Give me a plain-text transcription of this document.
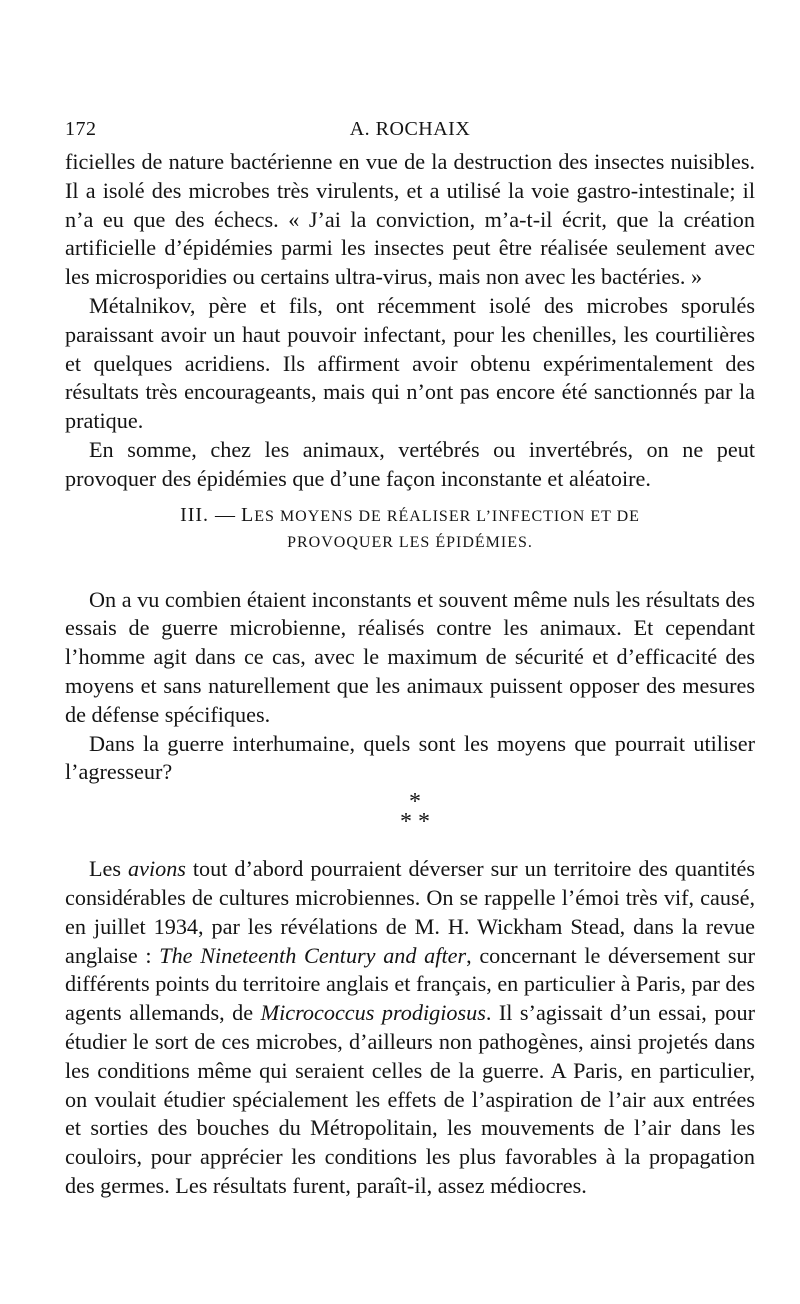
172	A. ROCHAIX

ficielles de nature bactérienne en vue de la destruction des insectes nuisibles. Il a isolé des microbes très virulents, et a utilisé la voie gastro-intestinale; il n’a eu que des échecs. « J’ai la conviction, m’a-t-il écrit, que la création artificielle d’épidémies parmi les insectes peut être réalisée seulement avec les microsporidies ou certains ultra-virus, mais non avec les bactéries. »

Métalnikov, père et fils, ont récemment isolé des microbes sporulés paraissant avoir un haut pouvoir infectant, pour les chenilles, les courtilières et quelques acridiens. Ils affirment avoir obtenu expérimentalement des résultats très encourageants, mais qui n’ont pas encore été sanctionnés par la pratique.

En somme, chez les animaux, vertébrés ou invertébrés, on ne peut provoquer des épidémies que d’une façon inconstante et aléatoire.

III. — LES MOYENS DE RÉALISER L’INFECTION ET DE
PROVOQUER LES ÉPIDÉMIES.

On a vu combien étaient inconstants et souvent même nuls les résultats des essais de guerre microbienne, réalisés contre les animaux. Et cependant l’homme agit dans ce cas, avec le maximum de sécurité et d’efficacité des moyens et sans naturellement que les animaux puissent opposer des mesures de défense spécifiques.

Dans la guerre interhumaine, quels sont les moyens que pourrait utiliser l’agresseur?

*
* *

Les avions tout d’abord pourraient déverser sur un territoire des quantités considérables de cultures microbiennes. On se rappelle l’émoi très vif, causé, en juillet 1934, par les révélations de M. H. Wickham Stead, dans la revue anglaise : The Nineteenth Century and after, concernant le déversement sur différents points du territoire anglais et français, en particulier à Paris, par des agents allemands, de Micrococcus prodigiosus. Il s’agissait d’un essai, pour étudier le sort de ces microbes, d’ailleurs non pathogènes, ainsi projetés dans les conditions même qui seraient celles de la guerre. A Paris, en particulier, on voulait étudier spécialement les effets de l’aspiration de l’air aux entrées et sorties des bouches du Métropolitain, les mouvements de l’air dans les couloirs, pour apprécier les conditions les plus favorables à la propagation des germes. Les résultats furent, paraît-il, assez médiocres.
